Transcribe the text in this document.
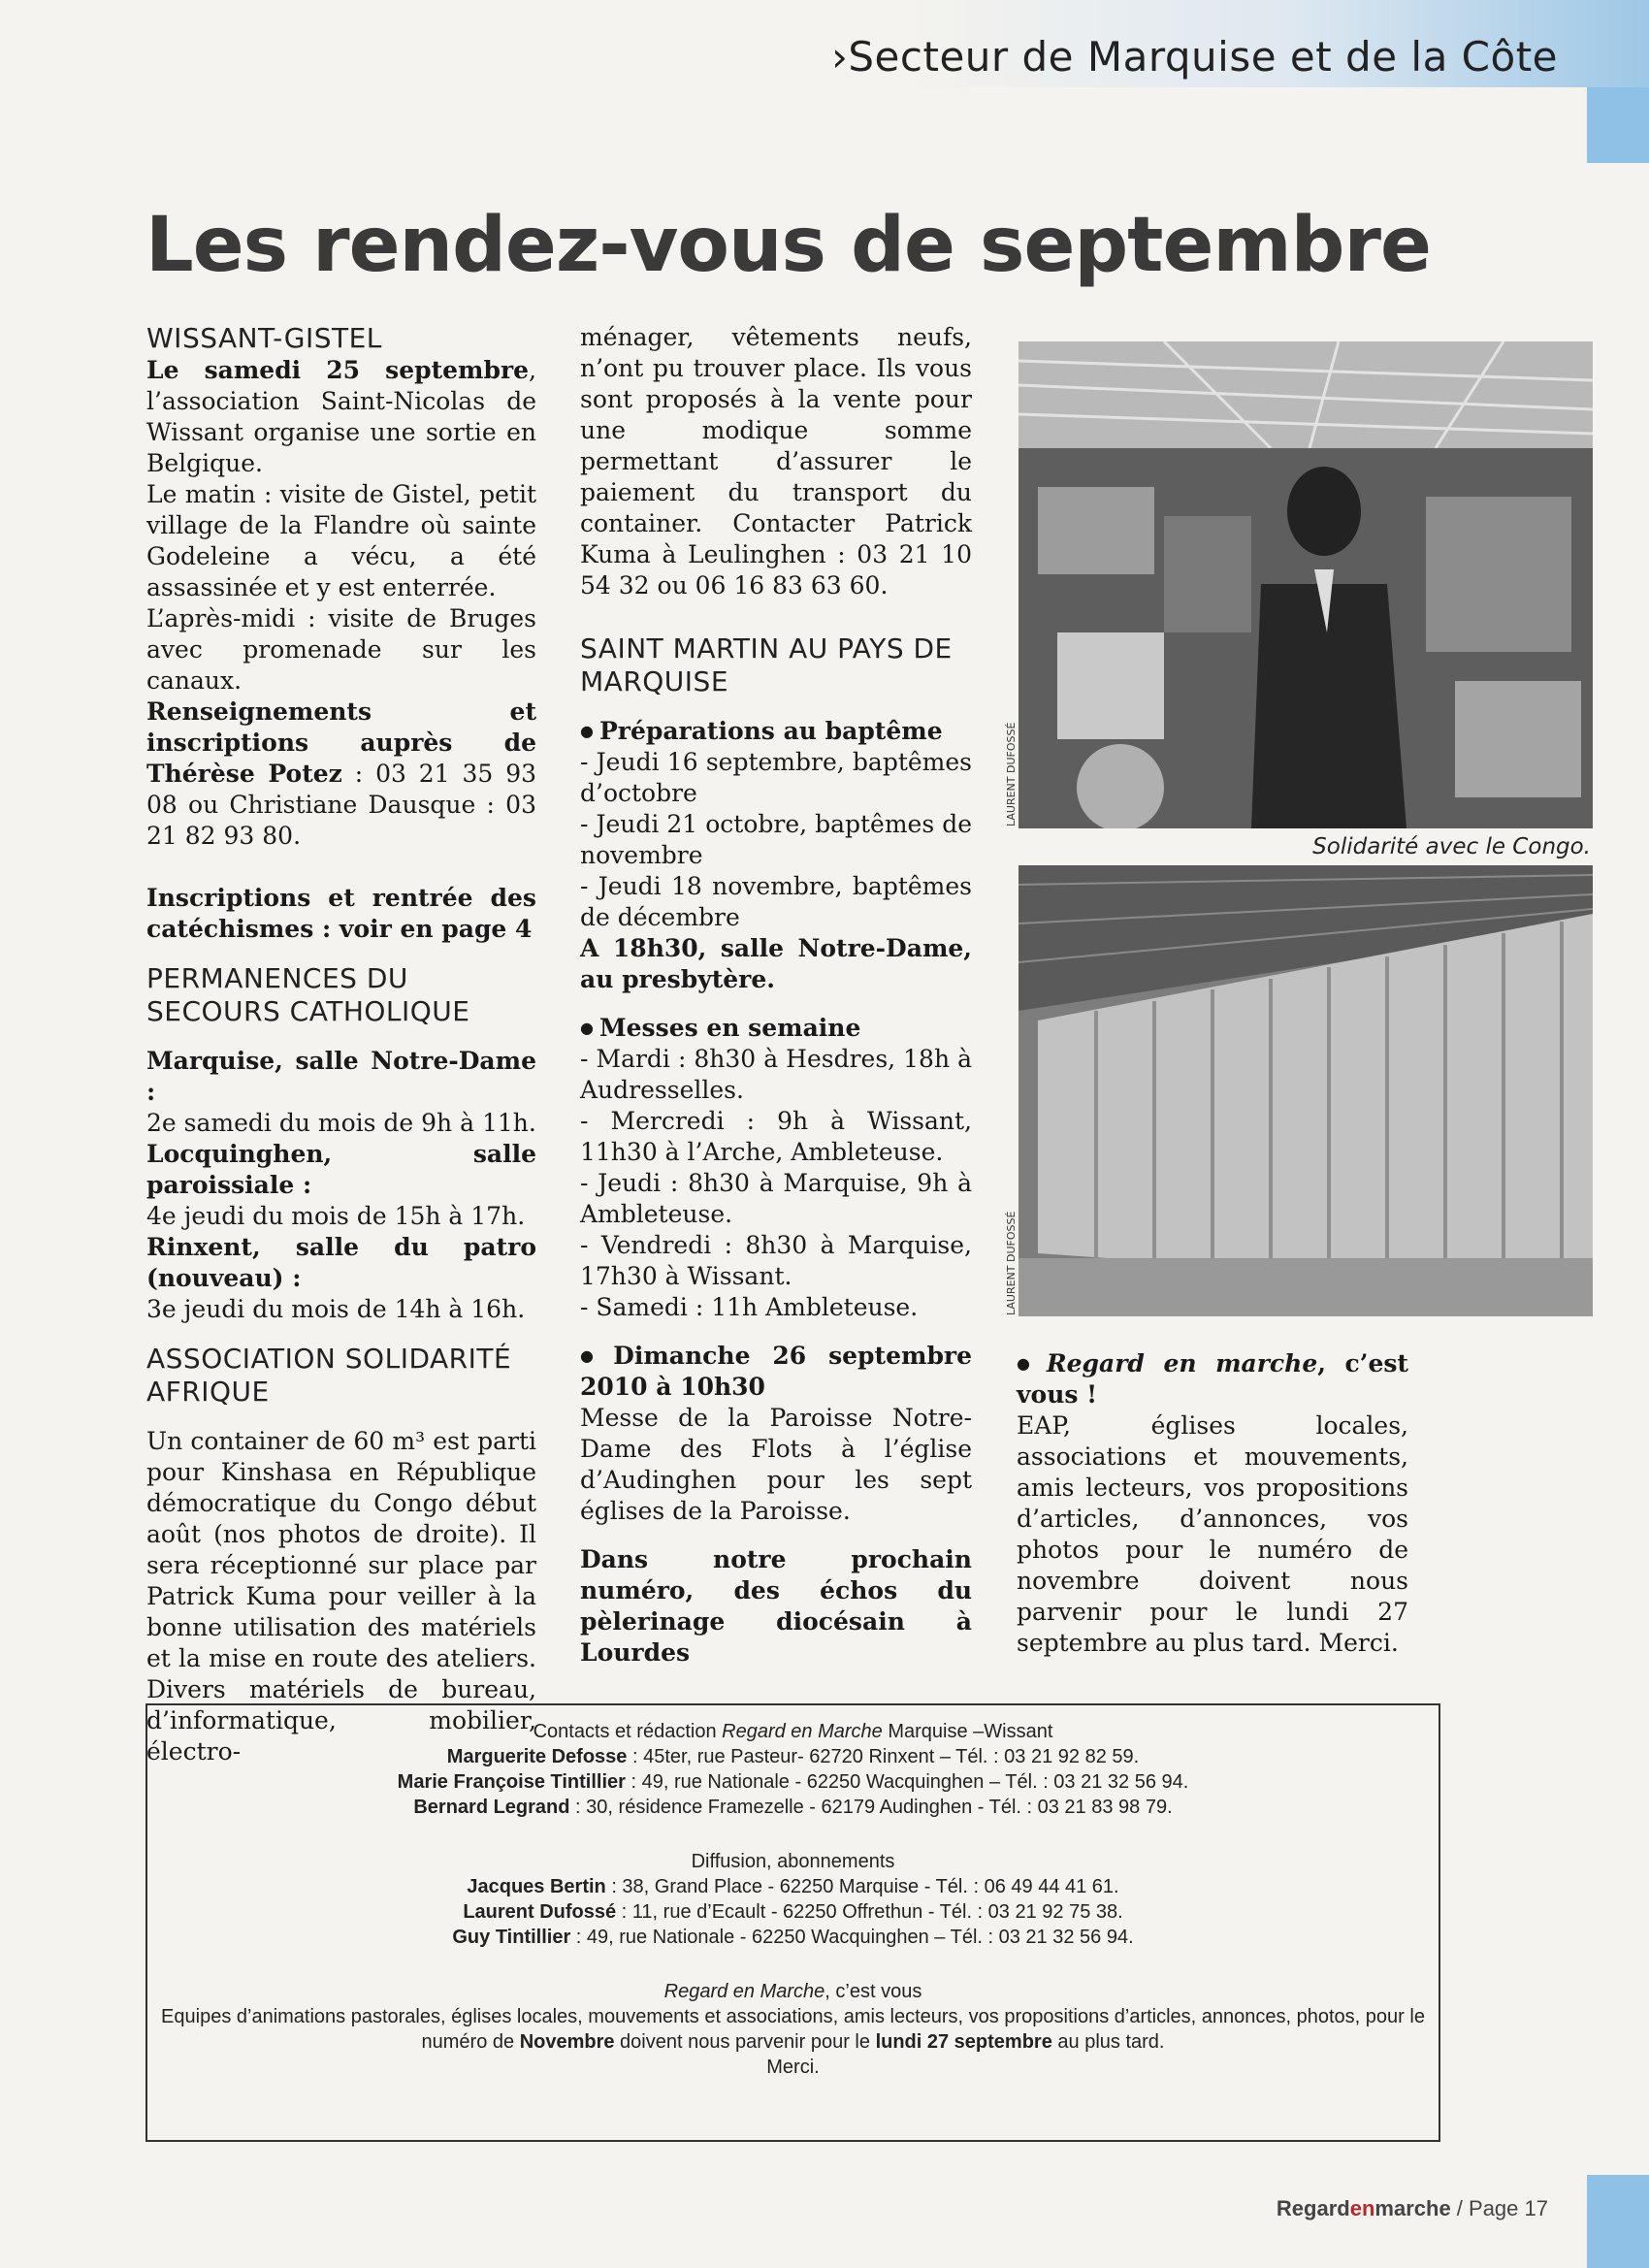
›Secteur de Marquise et de la Côte
Les rendez-vous de septembre
WISSANT-GISTEL

Le samedi 25 septembre, l’association Saint-Nicolas de Wissant organise une sortie en Belgique.

Le matin : visite de Gistel, petit village de la Flandre où sainte Godeleine a vécu, a été assassinée et y est enterrée.

L’après-midi : visite de Bruges avec promenade sur les canaux.

Renseignements et inscriptions auprès de Thérèse Potez : 03 21 35 93 08 ou Christiane Dausque : 03 21 82 93 80.

Inscriptions et rentrée des catéchismes : voir en page 4

PERMANENCES DU SECOURS CATHOLIQUE

Marquise, salle Notre-Dame :

2e samedi du mois de 9h à 11h.

Locquinghen, salle paroissiale :

4e jeudi du mois de 15h à 17h.

Rinxent, salle du patro (nouveau) :

3e jeudi du mois de 14h à 16h.

ASSOCIATION SOLIDARITÉ AFRIQUE

Un container de 60 m³ est parti pour Kinshasa en République démocratique du Congo début août (nos photos de droite). Il sera réceptionné sur place par Patrick Kuma pour veiller à la bonne utilisation des matériels et la mise en route des ateliers. Divers matériels de bureau, d’informatique, mobilier, électro-

ménager, vêtements neufs, n’ont pu trouver place. Ils vous sont proposés à la vente pour une modique somme permettant d’assurer le paiement du transport du container. Contacter Patrick Kuma à Leulinghen : 03 21 10 54 32 ou 06 16 83 63 60.

SAINT MARTIN AU PAYS DE MARQUISE

● Préparations au baptême

- Jeudi 16 septembre, baptêmes d’octobre

- Jeudi 21 octobre, baptêmes de novembre

- Jeudi 18 novembre, baptêmes de décembre

A 18h30, salle Notre-Dame, au presbytère.

● Messes en semaine

- Mardi : 8h30 à Hesdres, 18h à Audresselles.

- Mercredi : 9h à Wissant, 11h30 à l’Arche, Ambleteuse.

- Jeudi : 8h30 à Marquise, 9h à Ambleteuse.

- Vendredi : 8h30 à Marquise, 17h30 à Wissant.

- Samedi : 11h Ambleteuse.

● Dimanche 26 septembre 2010 à 10h30

Messe de la Paroisse Notre-Dame des Flots à l’église d’Audinghen pour les sept églises de la Paroisse.

Dans notre prochain numéro, des échos du pèlerinage diocésain à Lourdes

LAURENT DUFOSSÉ
Solidarité avec le Congo.
LAURENT DUFOSSÉ

● Regard en marche, c’est vous !

EAP, églises locales, associations et mouvements, amis lecteurs, vos propositions d’articles, d’annonces, vos photos pour le numéro de novembre doivent nous parvenir pour le lundi 27 septembre au plus tard. Merci.

Contacts et rédaction Regard en Marche Marquise –Wissant
Marguerite Defosse : 45ter, rue Pasteur- 62720 Rinxent – Tél. : 03 21 92 82 59.
Marie Françoise Tintillier : 49, rue Nationale - 62250 Wacquinghen – Tél. : 03 21 32 56 94.
Bernard Legrand : 30, résidence Framezelle - 62179 Audinghen - Tél. : 03 21 83 98 79.
Diffusion, abonnements
Jacques Bertin : 38, Grand Place - 62250 Marquise - Tél. : 06 49 44 41 61.
Laurent Dufossé : 11, rue d’Ecault - 62250 Offrethun - Tél. : 03 21 92 75 38.
Guy Tintillier : 49, rue Nationale - 62250 Wacquinghen – Tél. : 03 21 32 56 94.
Regard en Marche, c’est vous
Equipes d’animations pastorales, églises locales, mouvements et associations, amis lecteurs, vos propositions d’articles, annonces, photos, pour le
numéro de Novembre doivent nous parvenir pour le lundi 27 septembre au plus tard.
Merci.
Regardenmarche / Page 17
